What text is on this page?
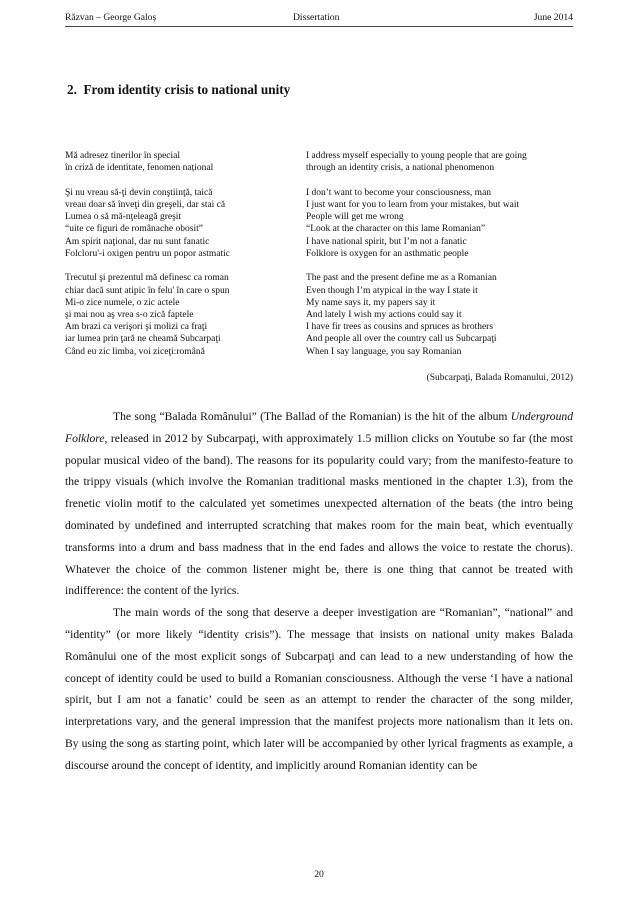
Răzvan – George Galoș	Dissertation	June 2014
2. From identity crisis to national unity
Mă adresez tinerilor în special
în criză de identitate, fenomen național
Şi nu vreau să-ţi devin conştiinţă, taică
vreau doar să înveţi din greşeli, dar stai că
Lumea o să mă-nţeleagă greşit
“uite ce figuri de românache obosit”
Am spirit naţional, dar nu sunt fanatic
Folcloru'-i oxigen pentru un popor astmatic
Trecutul şi prezentul mă definesc ca roman
chiar dacă sunt atipic în felu' în care o spun
Mi-o zice numele, o zic actele
şi mai nou aş vrea s-o zică faptele
Am brazi ca verişori şi molizi ca fraţi
iar lumea prin ţară ne cheamă Subcarpaţi
Când eu zic limba, voi ziceţi:română
I address myself especially to young people that are going
through an identity crisis, a national phenomenon
I don’t want to become your consciousness, man
I just want for you to learn from your mistakes, but wait
People will get me wrong
“Look at the character on this lame Romanian”
I have national spirit, but I’m not a fanatic
Folklore is oxygen for an asthmatic people
The past and the present define me as a Romanian
Even though I’m atypical in the way I state it
My name says it, my papers say it
And lately I wish my actions could say it
I have fir trees as cousins and spruces as brothers
And people all over the country call us Subcarpaţi
When I say language, you say Romanian
(Subcarpaţi, Balada Romanului, 2012)

The song “Balada Românului” (The Ballad of the Romanian) is the hit of the album Underground Folklore, released in 2012 by Subcarpaţi, with approximately 1.5 million clicks on Youtube so far (the most popular musical video of the band). The reasons for its popularity could vary; from the manifesto-feature to the trippy visuals (which involve the Romanian traditional masks mentioned in the chapter 1.3), from the frenetic violin motif to the calculated yet sometimes unexpected alternation of the beats (the intro being dominated by undefined and interrupted scratching that makes room for the main beat, which eventually transforms into a drum and bass madness that in the end fades and allows the voice to restate the chorus). Whatever the choice of the common listener might be, there is one thing that cannot be treated with indifference: the content of the lyrics.

The main words of the song that deserve a deeper investigation are “Romanian”, “national” and “identity” (or more likely “identity crisis”). The message that insists on national unity makes Balada Românului one of the most explicit songs of Subcarpaţi and can lead to a new understanding of how the concept of identity could be used to build a Romanian consciousness. Although the verse ‘I have a national spirit, but I am not a fanatic’ could be seen as an attempt to render the character of the song milder, interpretations vary, and the general impression that the manifest projects more nationalism than it lets on. By using the song as starting point, which later will be accompanied by other lyrical fragments as example, a discourse around the concept of identity, and implicitly around Romanian identity can be

20
